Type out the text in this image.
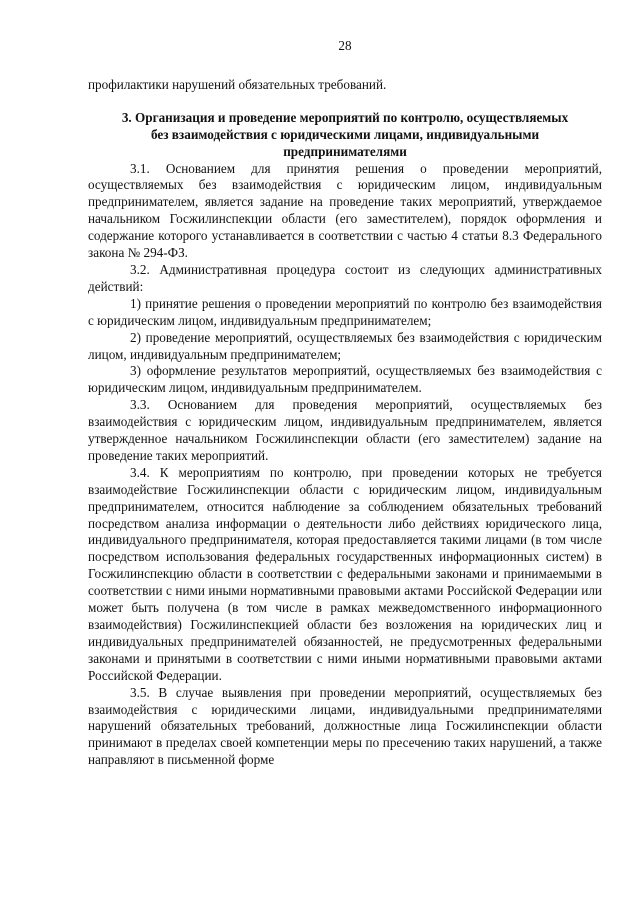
28

профилактики нарушений обязательных требований.

3. Организация и проведение мероприятий по контролю, осуществляемых
без взаимодействия с юридическими лицами, индивидуальными
предпринимателями

3.1. Основанием для принятия решения о проведении мероприятий, осуществляемых без взаимодействия с юридическим лицом, индивидуальным предпринимателем, является задание на проведение таких мероприятий, утверждаемое начальником Госжилинспекции области (его заместителем), порядок оформления и содержание которого устанавливается в соответствии с частью 4 статьи 8.3 Федерального закона № 294-ФЗ.

3.2. Административная процедура состоит из следующих административных действий:

1) принятие решения о проведении мероприятий по контролю без взаимодействия с юридическим лицом, индивидуальным предпринимателем;

2) проведение мероприятий, осуществляемых без взаимодействия с юридическим лицом, индивидуальным предпринимателем;

3) оформление результатов мероприятий, осуществляемых без взаимодействия с юридическим лицом, индивидуальным предпринимателем.

3.3. Основанием для проведения мероприятий, осуществляемых без взаимодействия с юридическим лицом, индивидуальным предпринимателем, является утвержденное начальником Госжилинспекции области (его заместителем) задание на проведение таких мероприятий.

3.4. К мероприятиям по контролю, при проведении которых не требуется взаимодействие Госжилинспекции области с юридическим лицом, индивидуальным предпринимателем, относится наблюдение за соблюдением обязательных требований посредством анализа информации о деятельности либо действиях юридического лица, индивидуального предпринимателя, которая предоставляется такими лицами (в том числе посредством использования федеральных государственных информационных систем) в Госжилинспекцию области в соответствии с федеральными законами и принимаемыми в соответствии с ними иными нормативными правовыми актами Российской Федерации или может быть получена (в том числе в рамках межведомственного информационного взаимодействия) Госжилинспекцией области без возложения на юридических лиц и индивидуальных предпринимателей обязанностей, не предусмотренных федеральными законами и принятыми в соответствии с ними иными нормативными правовыми актами Российской Федерации.

3.5. В случае выявления при проведении мероприятий, осуществляемых без взаимодействия с юридическими лицами, индивидуальными предпринимателями нарушений обязательных требований, должностные лица Госжилинспекции области принимают в пределах своей компетенции меры по пресечению таких нарушений, а также направляют в письменной форме
